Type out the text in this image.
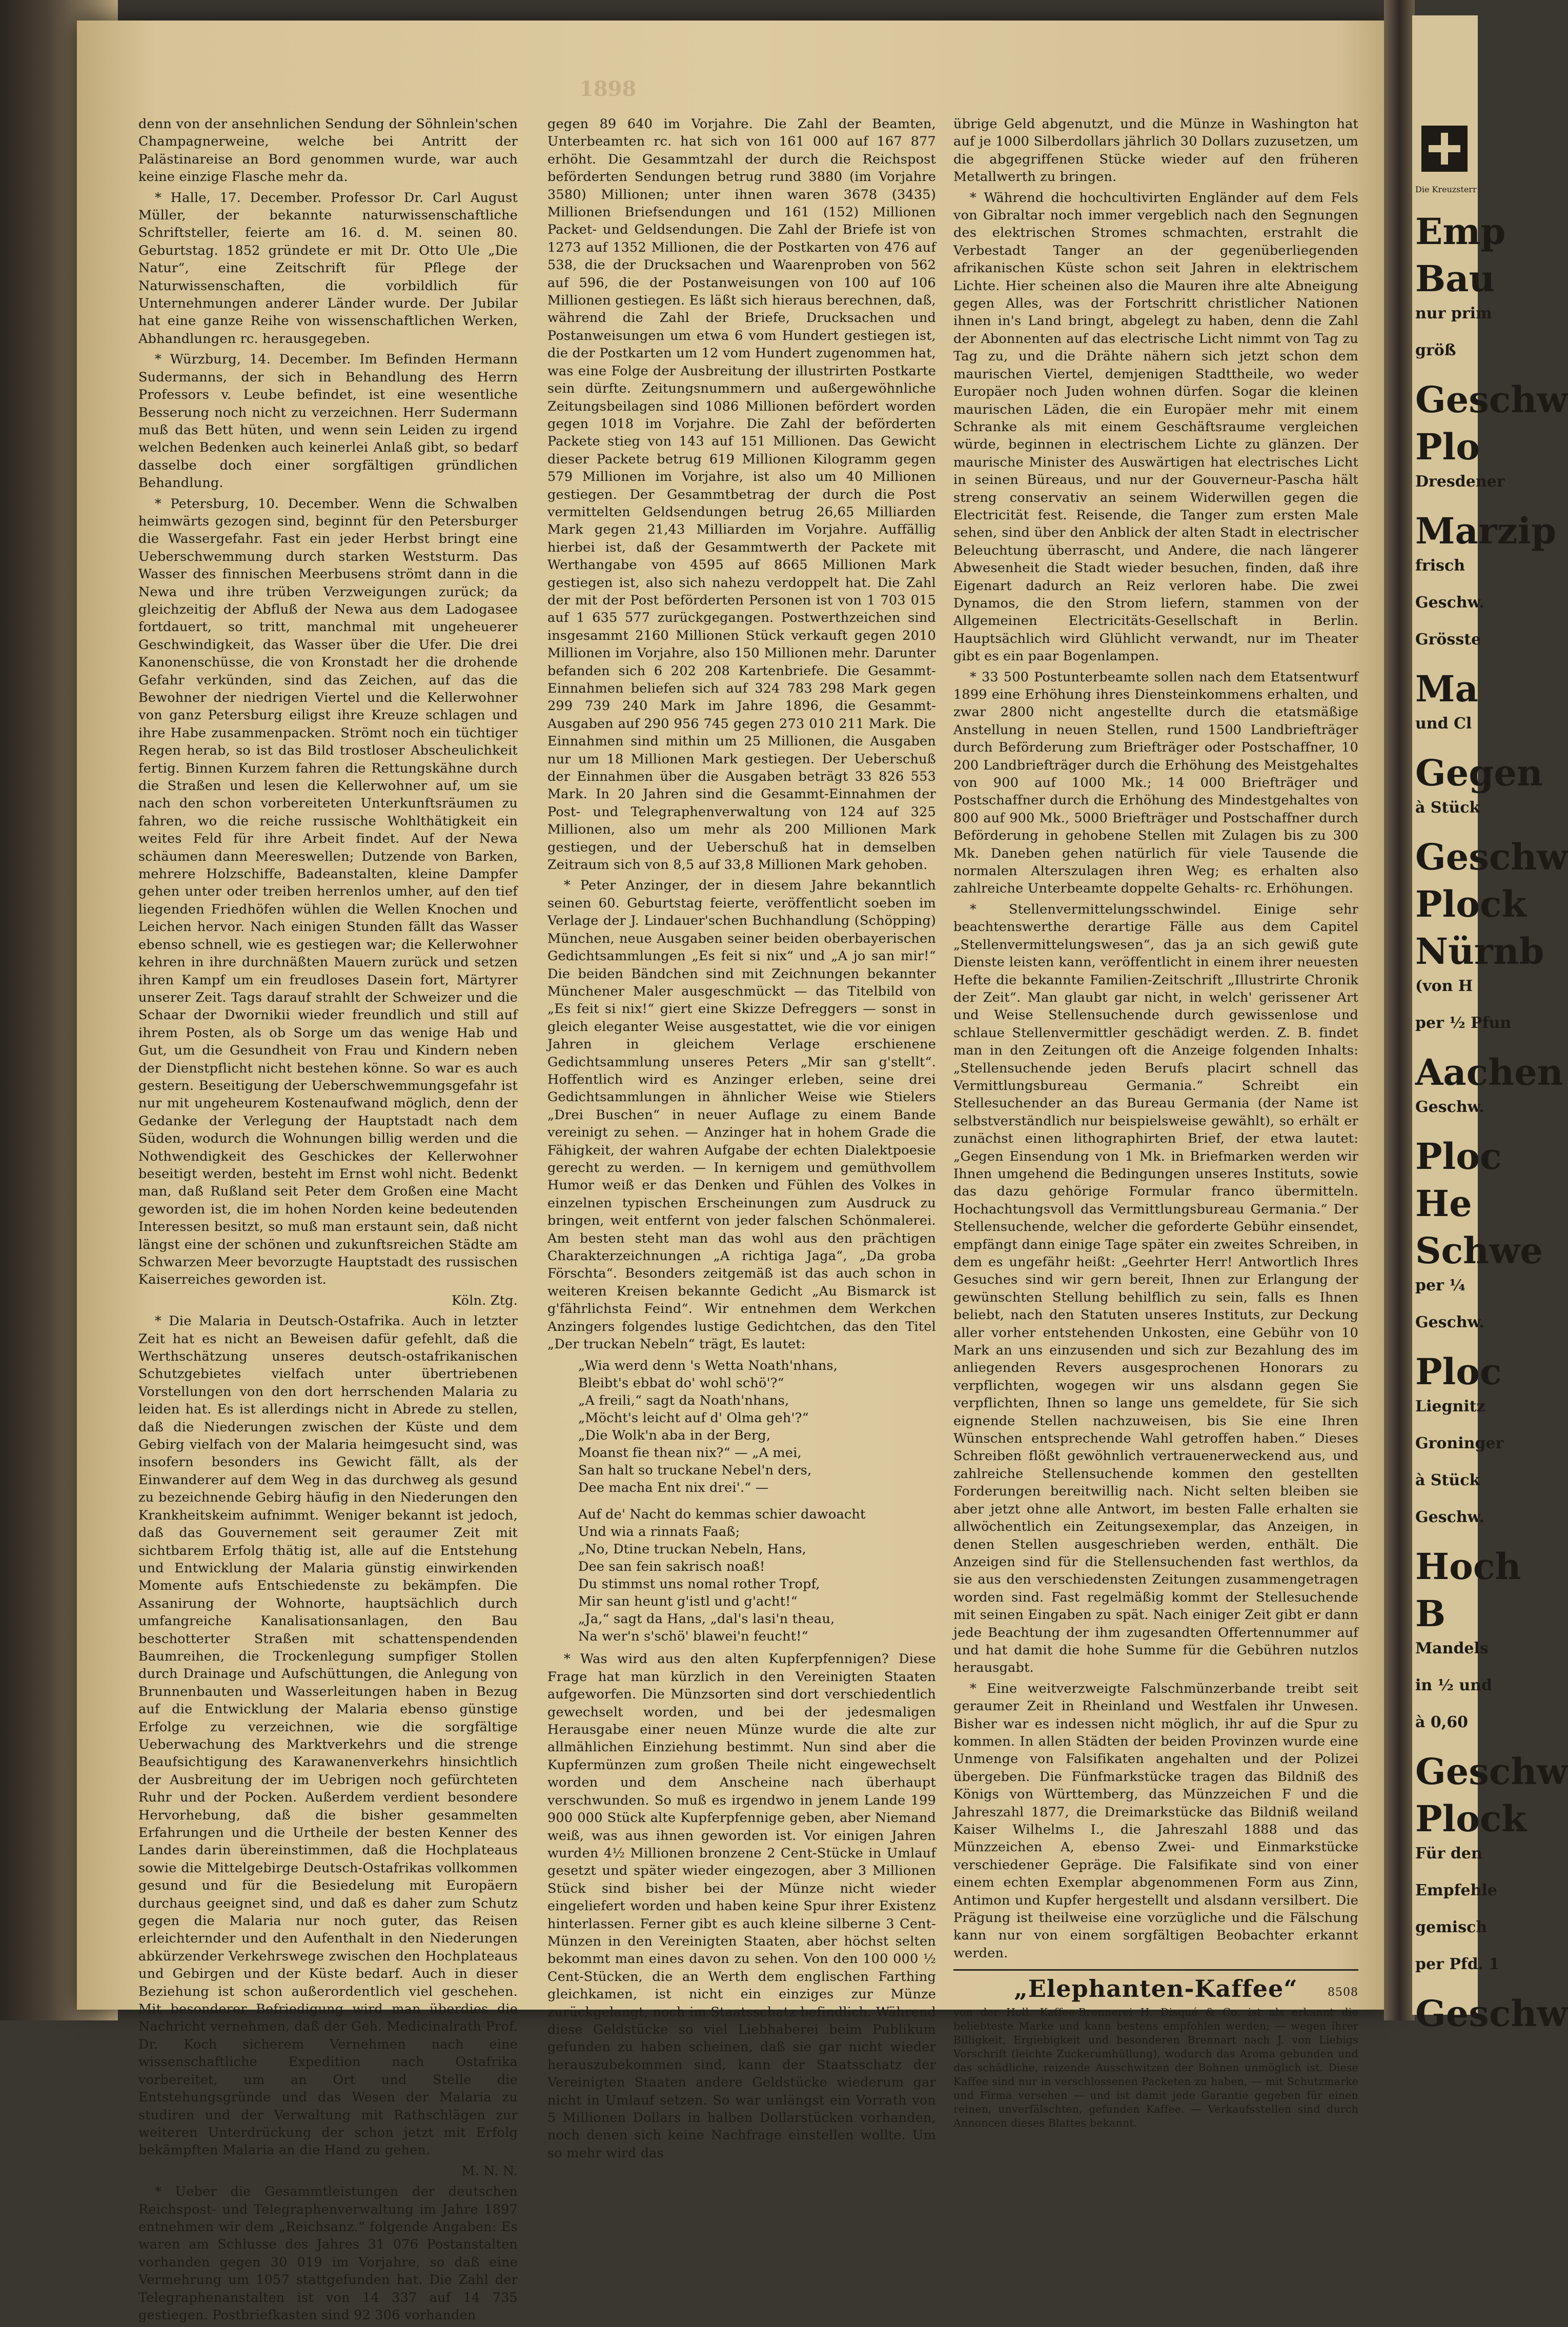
1898

denn von der ansehnlichen Sendung der Söhnlein'schen Champagnerweine, welche bei Antritt der Palästinareise an Bord genommen wurde, war auch keine einzige Flasche mehr da.

* Halle, 17. December. Professor Dr. Carl August Müller, der bekannte naturwissenschaftliche Schriftsteller, feierte am 16. d. M. seinen 80. Geburtstag. 1852 gründete er mit Dr. Otto Ule „Die Natur“, eine Zeitschrift für Pflege der Naturwissenschaften, die vorbildlich für Unternehmungen anderer Länder wurde. Der Jubilar hat eine ganze Reihe von wissenschaftlichen Werken, Abhandlungen rc. herausgegeben.

* Würzburg, 14. December. Im Befinden Hermann Sudermanns, der sich in Behandlung des Herrn Professors v. Leube befindet, ist eine wesentliche Besserung noch nicht zu verzeichnen. Herr Sudermann muß das Bett hüten, und wenn sein Leiden zu irgend welchen Bedenken auch keinerlei Anlaß gibt, so bedarf dasselbe doch einer sorgfältigen gründlichen Behandlung.

* Petersburg, 10. December. Wenn die Schwalben heimwärts gezogen sind, beginnt für den Petersburger die Wassergefahr. Fast ein jeder Herbst bringt eine Ueberschwemmung durch starken Weststurm. Das Wasser des finnischen Meerbusens strömt dann in die Newa und ihre trüben Verzweigungen zurück; da gleichzeitig der Abfluß der Newa aus dem Ladogasee fortdauert, so tritt, manchmal mit ungeheuerer Geschwindigkeit, das Wasser über die Ufer. Die drei Kanonenschüsse, die von Kronstadt her die drohende Gefahr verkünden, sind das Zeichen, auf das die Bewohner der niedrigen Viertel und die Kellerwohner von ganz Petersburg eiligst ihre Kreuze schlagen und ihre Habe zusammenpacken. Strömt noch ein tüchtiger Regen herab, so ist das Bild trostloser Abscheulichkeit fertig. Binnen Kurzem fahren die Rettungskähne durch die Straßen und lesen die Kellerwohner auf, um sie nach den schon vorbereiteten Unterkunftsräumen zu fahren, wo die reiche russische Wohlthätigkeit ein weites Feld für ihre Arbeit findet. Auf der Newa schäumen dann Meereswellen; Dutzende von Barken, mehrere Holzschiffe, Badeanstalten, kleine Dampfer gehen unter oder treiben herrenlos umher, auf den tief liegenden Friedhöfen wühlen die Wellen Knochen und Leichen hervor. Nach einigen Stunden fällt das Wasser ebenso schnell, wie es gestiegen war; die Kellerwohner kehren in ihre durchnäßten Mauern zurück und setzen ihren Kampf um ein freudloses Dasein fort, Märtyrer unserer Zeit. Tags darauf strahlt der Schweizer und die Schaar der Dwornikii wieder freundlich und still auf ihrem Posten, als ob Sorge um das wenige Hab und Gut, um die Gesundheit von Frau und Kindern neben der Dienstpflicht nicht bestehen könne. So war es auch gestern. Beseitigung der Ueberschwemmungsgefahr ist nur mit ungeheurem Kostenaufwand möglich, denn der Gedanke der Verlegung der Hauptstadt nach dem Süden, wodurch die Wohnungen billig werden und die Nothwendigkeit des Geschickes der Kellerwohner beseitigt werden, besteht im Ernst wohl nicht. Bedenkt man, daß Rußland seit Peter dem Großen eine Macht geworden ist, die im hohen Norden keine bedeutenden Interessen besitzt, so muß man erstaunt sein, daß nicht längst eine der schönen und zukunftsreichen Städte am Schwarzen Meer bevorzugte Hauptstadt des russischen Kaiserreiches geworden ist.

Köln. Ztg.

* Die Malaria in Deutsch-Ostafrika. Auch in letzter Zeit hat es nicht an Beweisen dafür gefehlt, daß die Werthschätzung unseres deutsch-ostafrikanischen Schutzgebietes vielfach unter übertriebenen Vorstellungen von den dort herrschenden Malaria zu leiden hat. Es ist allerdings nicht in Abrede zu stellen, daß die Niederungen zwischen der Küste und dem Gebirg vielfach von der Malaria heimgesucht sind, was insofern besonders ins Gewicht fällt, als der Einwanderer auf dem Weg in das durchweg als gesund zu bezeichnende Gebirg häufig in den Niederungen den Krankheitskeim aufnimmt. Weniger bekannt ist jedoch, daß das Gouvernement seit geraumer Zeit mit sichtbarem Erfolg thätig ist, alle auf die Entstehung und Entwicklung der Malaria günstig einwirkenden Momente aufs Entschiedenste zu bekämpfen. Die Assanirung der Wohnorte, hauptsächlich durch umfangreiche Kanalisationsanlagen, den Bau beschotterter Straßen mit schattenspendenden Baumreihen, die Trockenlegung sumpfiger Stollen durch Drainage und Aufschüttungen, die Anlegung von Brunnenbauten und Wasserleitungen haben in Bezug auf die Entwicklung der Malaria ebenso günstige Erfolge zu verzeichnen, wie die sorgfältige Ueberwachung des Marktverkehrs und die strenge Beaufsichtigung des Karawanenverkehrs hinsichtlich der Ausbreitung der im Uebrigen noch gefürchteten Ruhr und der Pocken. Außerdem verdient besondere Hervorhebung, daß die bisher gesammelten Erfahrungen und die Urtheile der besten Kenner des Landes darin übereinstimmen, daß die Hochplateaus sowie die Mittelgebirge Deutsch-Ostafrikas vollkommen gesund und für die Besiedelung mit Europäern durchaus geeignet sind, und daß es daher zum Schutz gegen die Malaria nur noch guter, das Reisen erleichternder und den Aufenthalt in den Niederungen abkürzender Verkehrswege zwischen den Hochplateaus und Gebirgen und der Küste bedarf. Auch in dieser Beziehung ist schon außerordentlich viel geschehen. Mit besonderer Befriedigung wird man überdies die Nachricht vernehmen, daß der Geh. Medicinalrath Prof. Dr. Koch sicherem Vernehmen nach eine wissenschaftliche Expedition nach Ostafrika vorbereitet, um an Ort und Stelle die Entstehungsgründe und das Wesen der Malaria zu studiren und der Verwaltung mit Rathschlägen zur weiteren Unterdrückung der schon jetzt mit Erfolg bekämpften Malaria an die Hand zu gehen.

M. N. N.

* Ueber die Gesammtleistungen der deutschen Reichspost- und Telegraphenverwaltung im Jahre 1897 entnehmen wir dem „Reichsanz.“ folgende Angaben: Es waren am Schlusse des Jahres 31 076 Postanstalten vorhanden gegen 30 019 im Vorjahre, so daß eine Vermehrung um 1057 stattgefunden hat. Die Zahl der Telegraphenanstalten ist von 14 337 auf 14 735 gestiegen. Postbriefkasten sind 92 306 vorhanden

gegen 89 640 im Vorjahre. Die Zahl der Beamten, Unterbeamten rc. hat sich von 161 000 auf 167 877 erhöht. Die Gesammtzahl der durch die Reichspost beförderten Sendungen betrug rund 3880 (im Vorjahre 3580) Millionen; unter ihnen waren 3678 (3435) Millionen Briefsendungen und 161 (152) Millionen Packet- und Geldsendungen. Die Zahl der Briefe ist von 1273 auf 1352 Millionen, die der Postkarten von 476 auf 538, die der Drucksachen und Waarenproben von 562 auf 596, die der Postanweisungen von 100 auf 106 Millionen gestiegen. Es läßt sich hieraus berechnen, daß, während die Zahl der Briefe, Drucksachen und Postanweisungen um etwa 6 vom Hundert gestiegen ist, die der Postkarten um 12 vom Hundert zugenommen hat, was eine Folge der Ausbreitung der illustrirten Postkarte sein dürfte. Zeitungsnummern und außergewöhnliche Zeitungsbeilagen sind 1086 Millionen befördert worden gegen 1018 im Vorjahre. Die Zahl der beförderten Packete stieg von 143 auf 151 Millionen. Das Gewicht dieser Packete betrug 619 Millionen Kilogramm gegen 579 Millionen im Vorjahre, ist also um 40 Millionen gestiegen. Der Gesammtbetrag der durch die Post vermittelten Geldsendungen betrug 26,65 Milliarden Mark gegen 21,43 Milliarden im Vorjahre. Auffällig hierbei ist, daß der Gesammtwerth der Packete mit Werthangabe von 4595 auf 8665 Millionen Mark gestiegen ist, also sich nahezu verdoppelt hat. Die Zahl der mit der Post beförderten Personen ist von 1 703 015 auf 1 635 577 zurückgegangen. Postwerthzeichen sind insgesammt 2160 Millionen Stück verkauft gegen 2010 Millionen im Vorjahre, also 150 Millionen mehr. Darunter befanden sich 6 202 208 Kartenbriefe. Die Gesammt-Einnahmen beliefen sich auf 324 783 298 Mark gegen 299 739 240 Mark im Jahre 1896, die Gesammt-Ausgaben auf 290 956 745 gegen 273 010 211 Mark. Die Einnahmen sind mithin um 25 Millionen, die Ausgaben nur um 18 Millionen Mark gestiegen. Der Ueberschuß der Einnahmen über die Ausgaben beträgt 33 826 553 Mark. In 20 Jahren sind die Gesammt-Einnahmen der Post- und Telegraphenverwaltung von 124 auf 325 Millionen, also um mehr als 200 Millionen Mark gestiegen, und der Ueberschuß hat in demselben Zeitraum sich von 8,5 auf 33,8 Millionen Mark gehoben.

* Peter Anzinger, der in diesem Jahre bekanntlich seinen 60. Geburtstag feierte, veröffentlicht soeben im Verlage der J. Lindauer'schen Buchhandlung (Schöpping) München, neue Ausgaben seiner beiden oberbayerischen Gedichtsammlungen „Es feit si nix“ und „A jo san mir!“ Die beiden Bändchen sind mit Zeichnungen bekannter Münchener Maler ausgeschmückt — das Titelbild von „Es feit si nix!“ giert eine Skizze Defreggers — sonst in gleich eleganter Weise ausgestattet, wie die vor einigen Jahren in gleichem Verlage erschienene Gedichtsammlung unseres Peters „Mir san g'stellt“. Hoffentlich wird es Anzinger erleben, seine drei Gedichtsammlungen in ähnlicher Weise wie Stielers „Drei Buschen“ in neuer Auflage zu einem Bande vereinigt zu sehen. — Anzinger hat in hohem Grade die Fähigkeit, der wahren Aufgabe der echten Dialektpoesie gerecht zu werden. — In kernigem und gemüthvollem Humor weiß er das Denken und Fühlen des Volkes in einzelnen typischen Erscheinungen zum Ausdruck zu bringen, weit entfernt von jeder falschen Schönmalerei. Am besten steht man das wohl aus den prächtigen Charakterzeichnungen „A richtiga Jaga“, „Da groba Förschta“. Besonders zeitgemäß ist das auch schon in weiteren Kreisen bekannte Gedicht „Au Bismarck ist g'fährlichsta Feind“. Wir entnehmen dem Werkchen Anzingers folgendes lustige Gedichtchen, das den Titel „Der truckan Nebeln“ trägt, Es lautet:

„Wia werd denn 's Wetta Noath'nhans,
Bleibt's ebbat do' wohl schö'?“
„A freili,“ sagt da Noath'nhans,
„Möcht's leicht auf d' Olma geh'?“
„Die Wolk'n aba in der Berg,
Moanst fie thean nix?“ — „A mei,
San halt so truckane Nebel'n ders,
Dee macha Ent nix drei'.“ —
Auf de' Nacht do kemmas schier dawoacht
Und wia a rinnats Faaß;
„No, Dtine truckan Nebeln, Hans,
Dee san fein sakrisch noaß!
Du stimmst uns nomal rother Tropf,
Mir san heunt g'istl und g'acht!“
„Ja,“ sagt da Hans, „dal's lasi'n theau,
Na wer'n s'schö' blawei'n feucht!“

* Was wird aus den alten Kupferpfennigen? Diese Frage hat man kürzlich in den Vereinigten Staaten aufgeworfen. Die Münzsorten sind dort verschiedentlich gewechselt worden, und bei der jedesmaligen Herausgabe einer neuen Münze wurde die alte zur allmählichen Einziehung bestimmt. Nun sind aber die Kupfermünzen zum großen Theile nicht eingewechselt worden und dem Anscheine nach überhaupt verschwunden. So muß es irgendwo in jenem Lande 199 900 000 Stück alte Kupferpfennige geben, aber Niemand weiß, was aus ihnen geworden ist. Vor einigen Jahren wurden 4½ Millionen bronzene 2 Cent-Stücke in Umlauf gesetzt und später wieder eingezogen, aber 3 Millionen Stück sind bisher bei der Münze nicht wieder eingeliefert worden und haben keine Spur ihrer Existenz hinterlassen. Ferner gibt es auch kleine silberne 3 Cent-Münzen in den Vereinigten Staaten, aber höchst selten bekommt man eines davon zu sehen. Von den 100 000 ½ Cent-Stücken, die an Werth dem englischen Farthing gleichkamen, ist nicht ein einziges zur Münze zurückgelangt, noch im Staatsschatz befindlich. Während diese Geldstücke so viel Liebhaberei beim Publikum gefunden zu haben scheinen, daß sie gar nicht wieder herauszubekommen sind, kann der Staatsschatz der Vereinigten Staaten andere Geldstücke wiederum gar nicht in Umlauf setzen. So war unlängst ein Vorrath von 5 Millionen Dollars in halben Dollarstücken vorhanden, noch denen sich keine Nachfrage einstellen wollte. Um so mehr wird das

übrige Geld abgenutzt, und die Münze in Washington hat auf je 1000 Silberdollars jährlich 30 Dollars zuzusetzen, um die abgegriffenen Stücke wieder auf den früheren Metallwerth zu bringen.

* Während die hochcultivirten Engländer auf dem Fels von Gibraltar noch immer vergeblich nach den Segnungen des elektrischen Stromes schmachten, erstrahlt die Verbestadt Tanger an der gegenüberliegenden afrikanischen Küste schon seit Jahren in elektrischem Lichte. Hier scheinen also die Mauren ihre alte Abneigung gegen Alles, was der Fortschritt christlicher Nationen ihnen in's Land bringt, abgelegt zu haben, denn die Zahl der Abonnenten auf das electrische Licht nimmt von Tag zu Tag zu, und die Drähte nähern sich jetzt schon dem maurischen Viertel, demjenigen Stadttheile, wo weder Europäer noch Juden wohnen dürfen. Sogar die kleinen maurischen Läden, die ein Europäer mehr mit einem Schranke als mit einem Geschäftsraume vergleichen würde, beginnen in electrischem Lichte zu glänzen. Der maurische Minister des Auswärtigen hat electrisches Licht in seinen Büreaus, und nur der Gouverneur-Pascha hält streng conservativ an seinem Widerwillen gegen die Electricität fest. Reisende, die Tanger zum ersten Male sehen, sind über den Anblick der alten Stadt in electrischer Beleuchtung überrascht, und Andere, die nach längerer Abwesenheit die Stadt wieder besuchen, finden, daß ihre Eigenart dadurch an Reiz verloren habe. Die zwei Dynamos, die den Strom liefern, stammen von der Allgemeinen Electricitäts-Gesellschaft in Berlin. Hauptsächlich wird Glühlicht verwandt, nur im Theater gibt es ein paar Bogenlampen.

* 33 500 Postunterbeamte sollen nach dem Etatsentwurf 1899 eine Erhöhung ihres Diensteinkommens erhalten, und zwar 2800 nicht angestellte durch die etatsmäßige Anstellung in neuen Stellen, rund 1500 Landbriefträger durch Beförderung zum Briefträger oder Postschaffner, 10 200 Landbriefträger durch die Erhöhung des Meistgehaltes von 900 auf 1000 Mk.; 14 000 Briefträger und Postschaffner durch die Erhöhung des Mindestgehaltes von 800 auf 900 Mk., 5000 Briefträger und Postschaffner durch Beförderung in gehobene Stellen mit Zulagen bis zu 300 Mk. Daneben gehen natürlich für viele Tausende die normalen Alterszulagen ihren Weg; es erhalten also zahlreiche Unterbeamte doppelte Gehalts- rc. Erhöhungen.

* Stellenvermittelungsschwindel. Einige sehr beachtenswerthe derartige Fälle aus dem Capitel „Stellenvermittelungswesen“, das ja an sich gewiß gute Dienste leisten kann, veröffentlicht in einem ihrer neuesten Hefte die bekannte Familien-Zeitschrift „Illustrirte Chronik der Zeit“. Man glaubt gar nicht, in welch' gerissener Art und Weise Stellensuchende durch gewissenlose und schlaue Stellenvermittler geschädigt werden. Z. B. findet man in den Zeitungen oft die Anzeige folgenden Inhalts: „Stellensuchende jeden Berufs placirt schnell das Vermittlungsbureau Germania.“ Schreibt ein Stellesuchender an das Bureau Germania (der Name ist selbstverständlich nur beispielsweise gewählt), so erhält er zunächst einen lithographirten Brief, der etwa lautet: „Gegen Einsendung von 1 Mk. in Briefmarken werden wir Ihnen umgehend die Bedingungen unseres Instituts, sowie das dazu gehörige Formular franco übermitteln. Hochachtungsvoll das Vermittlungsbureau Germania.“ Der Stellensuchende, welcher die geforderte Gebühr einsendet, empfängt dann einige Tage später ein zweites Schreiben, in dem es ungefähr heißt: „Geehrter Herr! Antwortlich Ihres Gesuches sind wir gern bereit, Ihnen zur Erlangung der gewünschten Stellung behilflich zu sein, falls es Ihnen beliebt, nach den Statuten unseres Instituts, zur Deckung aller vorher entstehenden Unkosten, eine Gebühr von 10 Mark an uns einzusenden und sich zur Bezahlung des im anliegenden Revers ausgesprochenen Honorars zu verpflichten, wogegen wir uns alsdann gegen Sie verpflichten, Ihnen so lange uns gemeldete, für Sie sich eignende Stellen nachzuweisen, bis Sie eine Ihren Wünschen entsprechende Wahl getroffen haben.“ Dieses Schreiben flößt gewöhnlich vertrauenerweckend aus, und zahlreiche Stellensuchende kommen den gestellten Forderungen bereitwillig nach. Nicht selten bleiben sie aber jetzt ohne alle Antwort, im besten Falle erhalten sie allwöchentlich ein Zeitungsexemplar, das Anzeigen, in denen Stellen ausgeschrieben werden, enthält. Die Anzeigen sind für die Stellensuchenden fast werthlos, da sie aus den verschiedensten Zeitungen zusammengetragen worden sind. Fast regelmäßig kommt der Stellesuchende mit seinen Eingaben zu spät. Nach einiger Zeit gibt er dann jede Beachtung der ihm zugesandten Offertennummer auf und hat damit die hohe Summe für die Gebühren nutzlos herausgabt.

* Eine weitverzweigte Falschmünzerbande treibt seit geraumer Zeit in Rheinland und Westfalen ihr Unwesen. Bisher war es indessen nicht möglich, ihr auf die Spur zu kommen. In allen Städten der beiden Provinzen wurde eine Unmenge von Falsifikaten angehalten und der Polizei übergeben. Die Fünfmarkstücke tragen das Bildniß des Königs von Württemberg, das Münzzeichen F und die Jahreszahl 1877, die Dreimarkstücke das Bildniß weiland Kaiser Wilhelms I., die Jahreszahl 1888 und das Münzzeichen A, ebenso Zwei- und Einmarkstücke verschiedener Gepräge. Die Falsifikate sind von einer einem echten Exemplar abgenommenen Form aus Zinn, Antimon und Kupfer hergestellt und alsdann versilbert. Die Prägung ist theilweise eine vorzügliche und die Fälschung kann nur von einem sorgfältigen Beobachter erkannt werden.

„Elephanten-Kaffee“	8508
von der Holl. Kaffee-Brennerei H. Disqué & Co. ist als erkannt die beliebteste Marke und kann bestens empfohlen werden; — wegen ihrer Billigkeit, Ergiebigkeit und besonderen Brennart nach J. von Liebigs Vorschrift (leichte Zuckerumhüllung), wodurch das Aroma gebunden und das schädliche, reizende Ausschwitzen der Bohnen unmöglich ist. Diese Kaffee sind nur in verschlossenen Packeten zu haben, — mit Schutzmarke und Firma versehen — und ist damit jede Garantie gegeben für einen reinen, unverfälschten, gefunden Kaffee. — Verkaufsstellen sind durch Annoncen dieses Blattes bekannt.
Die Kreuzsterr
Emp
Bau
nur prim
größ
Geschw
Plo
Dresdener
Marzip
frisch
Geschw.
Grösste
Ma
und Cl
Gegen
à Stück
Geschw
Plock
Nürnb
(von H
per ½ Pfun
Aachen
Geschw.
Ploc
He
Schwe
per ¼
Geschw.
Ploc
Liegnitz
Groninger
à Stück
Geschw.
Hoch
B
Mandels
in ½ und
à 0,60
Geschw
Plock
Für den
Empfehle
gemisch
per Pfd. 1
Geschw
